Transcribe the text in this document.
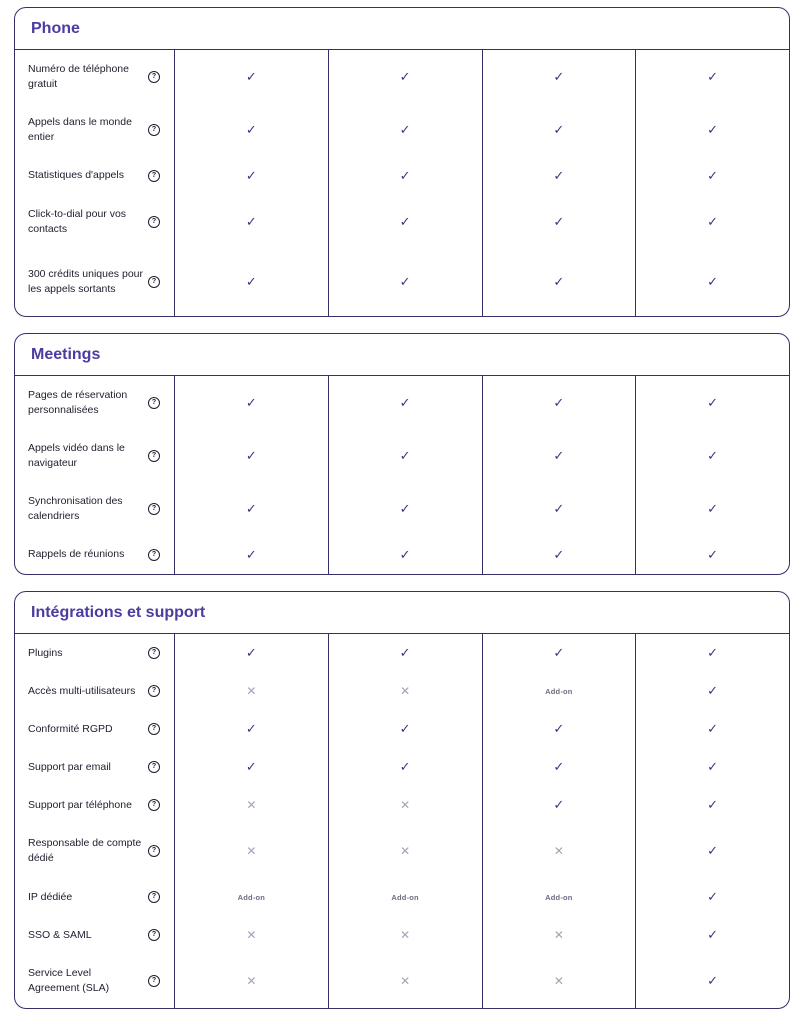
Phone
Numéro de téléphone gratuit
?	✓	✓	✓	✓
Appels dans le monde entier
?	✓	✓	✓	✓
Statistiques d'appels	?	✓	✓	✓	✓
Click-to-dial pour vos contacts
?	✓	✓	✓	✓
300 crédits uniques pour les appels sortants
?	✓	✓	✓	✓
Meetings
Pages de réservation personnalisées
?	✓	✓	✓	✓
Appels vidéo dans le navigateur
?	✓	✓	✓	✓
Synchronisation des calendriers
?	✓	✓	✓	✓
Rappels de réunions	?	✓	✓	✓	✓
Intégrations et support
Plugins	?	✓	✓	✓	✓
Accès multi-utilisateurs	?	✕	✕	Add-on	✓
Conformité RGPD	?	✓	✓	✓	✓
Support par email	?	✓	✓	✓	✓
Support par téléphone	?	✕	✕	✓	✓
Responsable de compte dédié
?	✕	✕	✕	✓
IP dédiée	?	Add-on	Add-on	Add-on	✓
SSO & SAML	?	✕	✕	✕	✓
Service Level Agreement (SLA)
?	✕	✕	✕	✓
